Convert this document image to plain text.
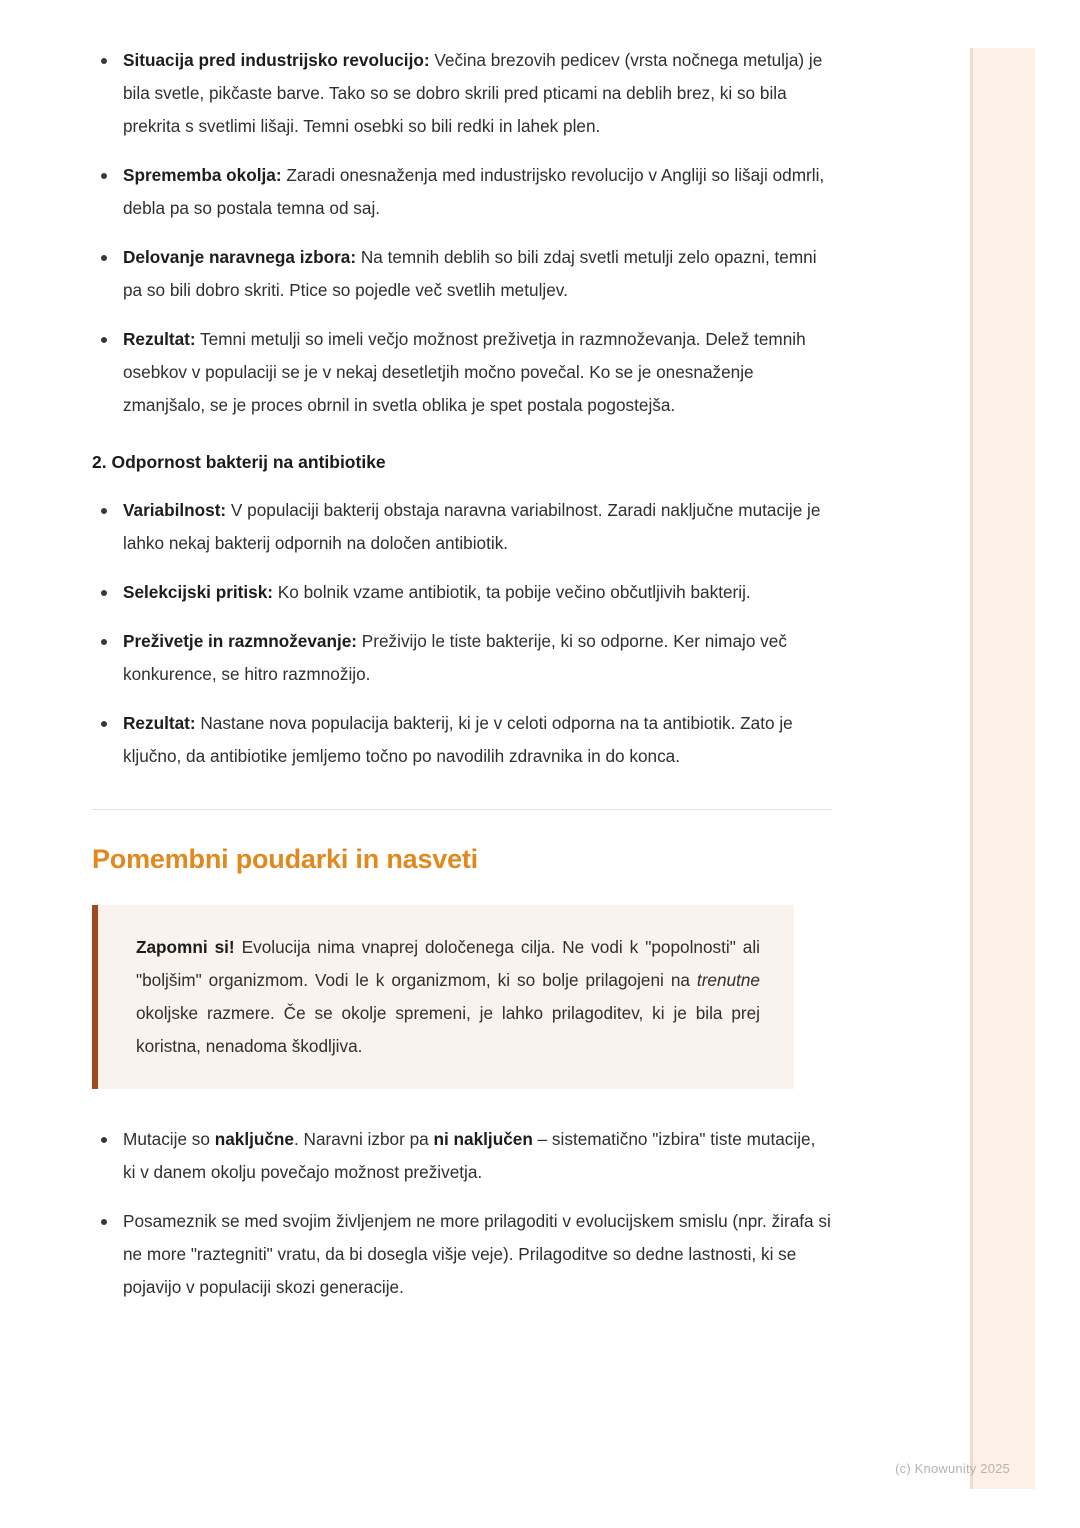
Situacija pred industrijsko revolucijo: Večina brezovih pedicev (vrsta nočnega metulja) je bila svetle, pikčaste barve. Tako so se dobro skrili pred pticami na deblih brez, ki so bila prekrita s svetlimi lišaji. Temni osebki so bili redki in lahek plen.
Sprememba okolja: Zaradi onesnaženja med industrijsko revolucijo v Angliji so lišaji odmrli, debla pa so postala temna od saj.
Delovanje naravnega izbora: Na temnih deblih so bili zdaj svetli metulji zelo opazni, temni pa so bili dobro skriti. Ptice so pojedle več svetlih metuljev.
Rezultat: Temni metulji so imeli večjo možnost preživetja in razmnoževanja. Delež temnih osebkov v populaciji se je v nekaj desetletjih močno povečal. Ko se je onesnaženje zmanjšalo, se je proces obrnil in svetla oblika je spet postala pogostejša.
2. Odpornost bakterij na antibiotike
Variabilnost: V populaciji bakterij obstaja naravna variabilnost. Zaradi naključne mutacije je lahko nekaj bakterij odpornih na določen antibiotik.
Selekcijski pritisk: Ko bolnik vzame antibiotik, ta pobije večino občutljivih bakterij.
Preživetje in razmnoževanje: Preživijo le tiste bakterije, ki so odporne. Ker nimajo več konkurence, se hitro razmnožijo.
Rezultat: Nastane nova populacija bakterij, ki je v celoti odporna na ta antibiotik. Zato je ključno, da antibiotike jemljemo točno po navodilih zdravnika in do konca.
Pomembni poudarki in nasveti

Zapomni si! Evolucija nima vnaprej določenega cilja. Ne vodi k "popolnosti" ali "boljšim" organizmom. Vodi le k organizmom, ki so bolje prilagojeni na trenutne okoljske razmere. Če se okolje spremeni, je lahko prilagoditev, ki je bila prej koristna, nenadoma škodljiva.

Mutacije so naključne. Naravni izbor pa ni naključen – sistematično "izbira" tiste mutacije, ki v danem okolju povečajo možnost preživetja.
Posameznik se med svojim življenjem ne more prilagoditi v evolucijskem smislu (npr. žirafa si ne more "raztegniti" vratu, da bi dosegla višje veje). Prilagoditve so dedne lastnosti, ki se pojavijo v populaciji skozi generacije.
(c) Knowunity 2025
